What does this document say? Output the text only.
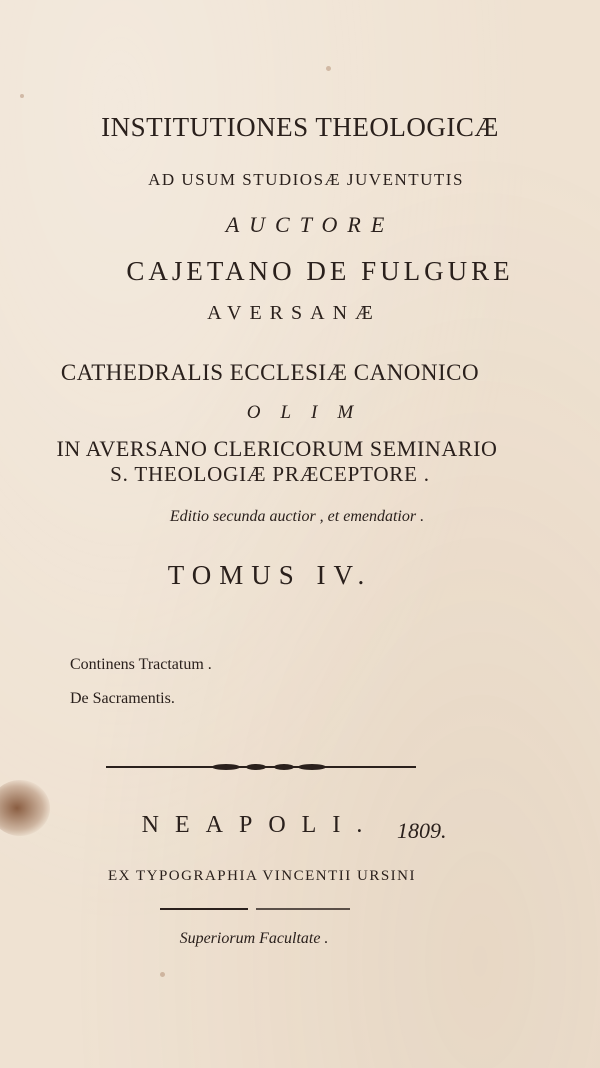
INSTITUTIONES THEOLOGICÆ
AD USUM STUDIOSÆ JUVENTUTIS
AUCTORE
CAJETANO DE FULGURE
AVERSANÆ
CATHEDRALIS ECCLESIÆ CANONICO
OLIM
IN AVERSANO CLERICORUM SEMINARIO
S. THEOLOGIÆ PRÆCEPTORE .
Editio secunda auctior , et emendatior .
TOMUS IV.
Continens Tractatum .
De Sacramentis.
NEAPOLI. 1809.
EX TYPOGRAPHIA VINCENTII URSINI
Superiorum Facultate .
